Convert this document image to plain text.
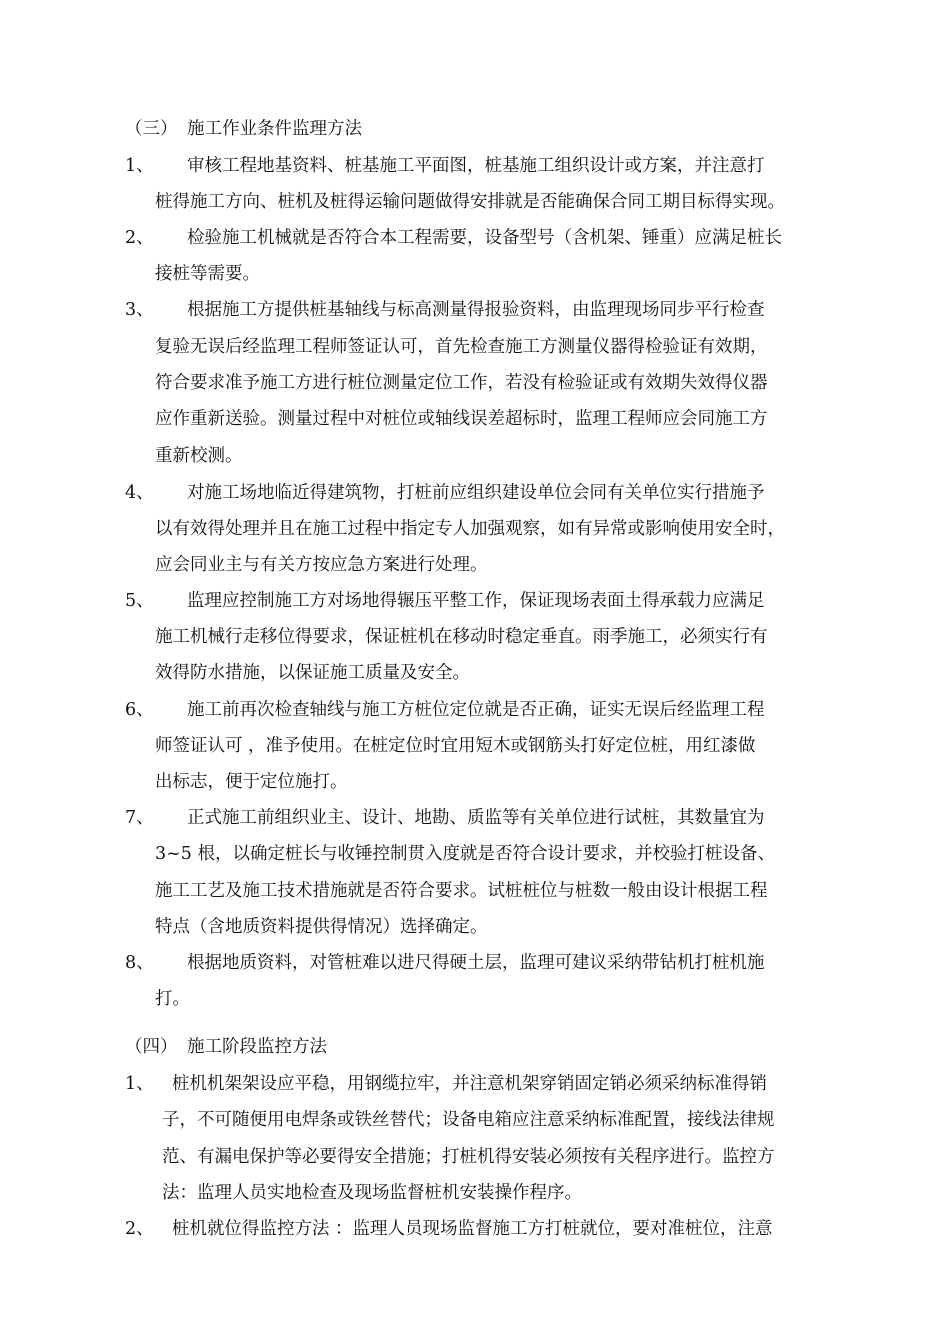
（三） 施工作业条件监理方法
1、 审核工程地基资料、桩基施工平面图，桩基施工组织设计或方案，并注意打
桩得施工方向、桩机及桩得运输问题做得安排就是否能确保合同工期目标得实现。
2、 检验施工机械就是否符合本工程需要，设备型号（含机架、锤重）应满足桩长
接桩等需要。
3、 根据施工方提供桩基轴线与标高测量得报验资料，由监理现场同步平行检查
复验无误后经监理工程师签证认可，首先检查施工方测量仪器得检验证有效期，
符合要求准予施工方进行桩位测量定位工作，若没有检验证或有效期失效得仪器
应作重新送验。测量过程中对桩位或轴线误差超标时，监理工程师应会同施工方
重新校测。
4、 对施工场地临近得建筑物，打桩前应组织建设单位会同有关单位实行措施予
以有效得处理并且在施工过程中指定专人加强观察，如有异常或影响使用安全时，
应会同业主与有关方按应急方案进行处理。
5、 监理应控制施工方对场地得辗压平整工作，保证现场表面土得承载力应满足
施工机械行走移位得要求，保证桩机在移动时稳定垂直。雨季施工，必须实行有
效得防水措施，以保证施工质量及安全。
6、 施工前再次检查轴线与施工方桩位定位就是否正确，证实无误后经监理工程
师签证认可 ，准予使用。在桩定位时宜用短木或钢筋头打好定位桩，用红漆做
出标志，便于定位施打。
7、 正式施工前组织业主、设计、地勘、质监等有关单位进行试桩，其数量宜为
3~5 根，以确定桩长与收锤控制贯入度就是否符合设计要求，并校验打桩设备、
施工工艺及施工技术措施就是否符合要求。试桩桩位与桩数一般由设计根据工程
特点（含地质资料提供得情况）选择确定。
8、 根据地质资料，对管桩难以进尺得硬土层，监理可建议采纳带钻机打桩机施
打。
（四） 施工阶段监控方法
1、 桩机机架架设应平稳，用钢缆拉牢，并注意机架穿销固定销必须采纳标准得销
子，不可随便用电焊条或铁丝替代；设备电箱应注意采纳标准配置，接线法律规
范、有漏电保护等必要得安全措施；打桩机得安装必须按有关程序进行。监控方
法：监理人员实地检查及现场监督桩机安装操作程序。
2、 桩机就位得监控方法 ：监理人员现场监督施工方打桩就位，要对准桩位，注意
